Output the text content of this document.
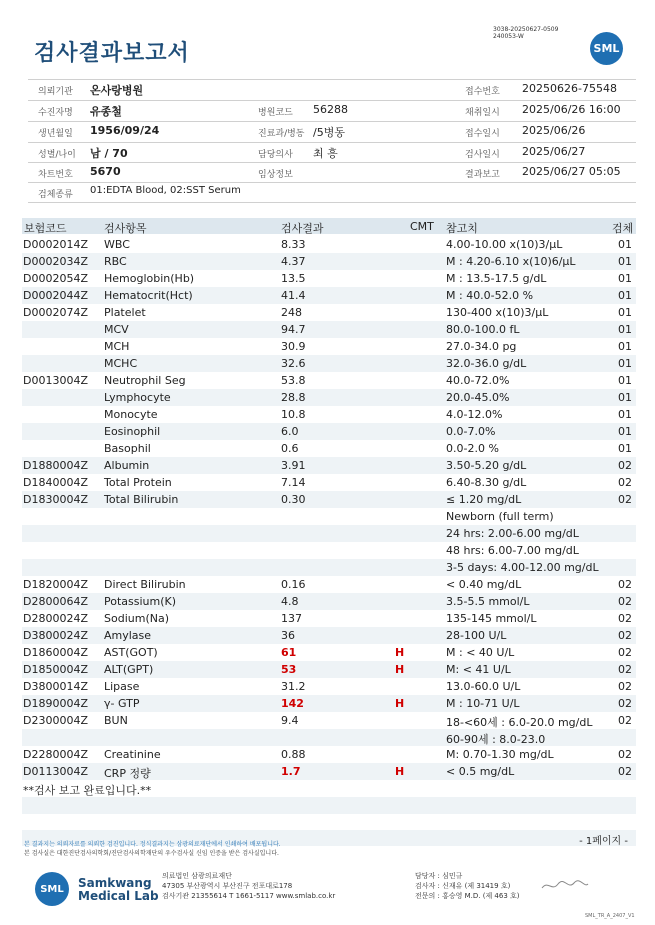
검사결과보고서
3038-20250627-0509
240053-W
SML
의뢰기관 온사랑병원	접수번호 20250626-75548
수진자명 유종철	병원코드 56288	채취일시 2025/06/26 16:00
생년월일 1956/09/24	진료과/병동 /5병동	접수일시 2025/06/26
성별/나이 남 / 70	담당의사 최 흥	검사일시 2025/06/27
차트번호 5670	임상정보	결과보고 2025/06/27 05:05
검체종류 01:EDTA Blood, 02:SST Serum
보험코드	검사항목	검사결과	CMT 참고치	검체
D0002014Z WBC	8.33	4.00-10.00 x(10)3/μL	01
D0002034Z RBC	4.37	M : 4.20-6.10 x(10)6/μL	01
D0002054Z Hemoglobin(Hb)	13.5	M : 13.5-17.5 g/dL	01
D0002044Z Hematocrit(Hct)	41.4	M : 40.0-52.0 %	01
D0002074Z Platelet	248	130-400 x(10)3/μL	01
MCV	94.7	80.0-100.0 fL	01
MCH	30.9	27.0-34.0 pg	01
MCHC	32.6	32.0-36.0 g/dL	01
D0013004Z Neutrophil Seg	53.8	40.0-72.0%	01
Lymphocyte	28.8	20.0-45.0%	01
Monocyte	10.8	4.0-12.0%	01
Eosinophil	6.0	0.0-7.0%	01
Basophil	0.6	0.0-2.0 %	01
D1880004Z Albumin	3.91	3.50-5.20 g/dL	02
D1840004Z Total Protein	7.14	6.40-8.30 g/dL	02
D1830004Z Total Bilirubin	0.30	≤ 1.20 mg/dL	02
Newborn (full term)
24 hrs: 2.00-6.00 mg/dL
48 hrs: 6.00-7.00 mg/dL
3-5 days: 4.00-12.00 mg/dL
D1820004Z Direct Bilirubin	0.16	< 0.40 mg/dL	02
D2800064Z Potassium(K)	4.8	3.5-5.5 mmol/L	02
D2800024Z Sodium(Na)	137	135-145 mmol/L	02
D3800024Z Amylase	36	28-100 U/L	02
D1860004Z AST(GOT)	61	H	M : < 40 U/L	02
D1850004Z ALT(GPT)	53	H	M: < 41 U/L	02
D3800014Z Lipase	31.2	13.0-60.0 U/L	02
D1890004Z γ- GTP	142	H	M : 10-71 U/L	02
D2300004Z BUN	9.4	18-<60세 : 6.0-20.0 mg/dL 02
60-90세 : 8.0-23.0
D2280004Z Creatinine	0.88	M: 0.70-1.30 mg/dL	02
D0113004Z CRP 정량	1.7	H	< 0.5 mg/dL	02
**검사 보고 완료입니다.**
- 1페이지 -
본 결과지는 의뢰자료를 의뢰한 검진입니다. 정식결과지는 삼광의료재단에서 인쇄하여 배포됩니다.
본 검사실은 대한진단검사의학회/진단검사의학재단의 우수검사실 신임 인증을 받은 검사실입니다.
SML	Samkwang
Medical Lab
의료법인 삼광의료재단
47305 부산광역시 부산진구 전포대로178
검사기관 21355614 T 1661-5117 www.smlab.co.kr
담당자 : 심민규
검사자 : 신재유 (제 31419 호)
전문의 : 홍승영 M.D. (제 463 호)
SML_TR_A_2407_V1
